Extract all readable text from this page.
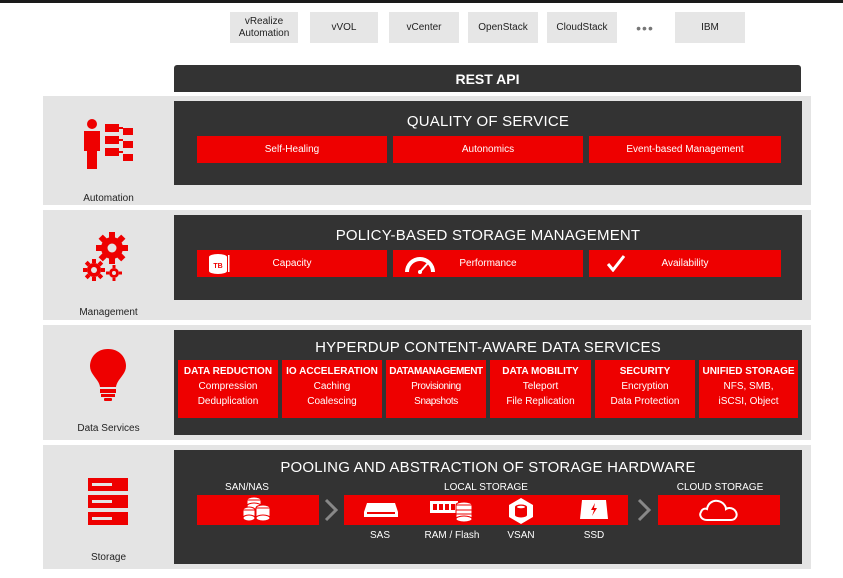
vRealize
Automation
vVOL	vCenter	OpenStack	CloudStack	•••	IBM
REST API
Automation
QUALITY OF SERVICE
Self-Healing	Autonomics	Event-based Management
Management
POLICY-BASED STORAGE MANAGEMENT
TB	Capacity	Performance	Availability
Data Services
HYPERDUP CONTENT-AWARE DATA SERVICES
DATA REDUCTION
Compression
Deduplication
IO ACCELERATION
Caching
Coalescing
DATAMANAGEMENT
Provisioning
Snapshots
DATA MOBILITY
Teleport
File Replication
SECURITY
Encryption
Data Protection
UNIFIED STORAGE
NFS, SMB,
iSCSI, Object
Storage
POOLING AND ABSTRACTION OF STORAGE HARDWARE
SAN/NAS	LOCAL STORAGE
SAS	RAM / Flash	VSAN	SSD
CLOUD STORAGE
